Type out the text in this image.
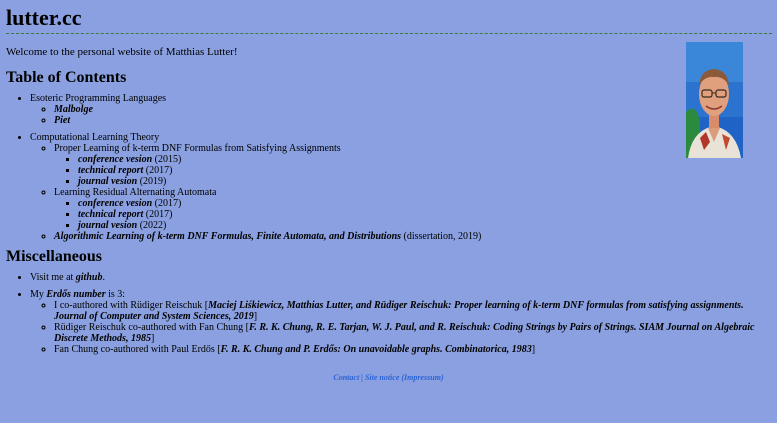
lutter.cc

Welcome to the personal website of Matthias Lutter!

Table of Contents
• Esoteric Programming Languages
◦ Malbolge
◦ Piet
• Computational Learning Theory
◦ Proper Learning of k-term DNF Formulas from Satisfying Assignments
▪ conference vesion (2015)
▪ technical report (2017)
▪ journal vesion (2019)
◦ Learning Residual Alternating Automata
▪ conference vesion (2017)
▪ technical report (2017)
▪ journal vesion (2022)
◦ Algorithmic Learning of k-term DNF Formulas, Finite Automata, and Distributions (dissertation, 2019)
Miscellaneous
• Visit me at github.
• My Erdős number is 3:
◦ I co-authored with Rüdiger Reischuk [Maciej Liśkiewicz, Matthias Lutter, and Rüdiger Reischuk: Proper learning of k-term DNF formulas from satisfying assignments. Journal of Computer and System Sciences, 2019]
◦ Rüdiger Reischuk co-authored with Fan Chung [F. R. K. Chung, R. E. Tarjan, W. J. Paul, and R. Reischuk: Coding Strings by Pairs of Strings. SIAM Journal on Algebraic Discrete Methods, 1985]
◦ Fan Chung co-authored with Paul Erdős [F. R. K. Chung and P. Erdős: On unavoidable graphs. Combinatorica, 1983]
Contact | Site notice (Impressum)
